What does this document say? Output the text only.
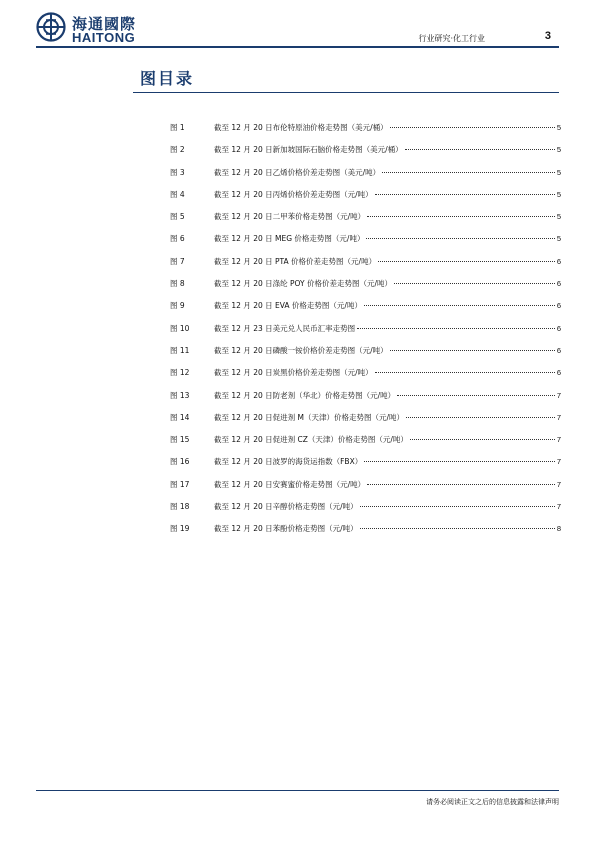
海通國際
HAITONG	行业研究·化工行业	3
图目录
图 1	截至 12 月 20 日布伦特原油价格走势图（美元/桶）	5
图 2	截至 12 月 20 日新加坡国际石脑价格走势图（美元/桶）	5
图 3	截至 12 月 20 日乙烯价格价差走势图（美元/吨）	5
图 4	截至 12 月 20 日丙烯价格价差走势图（元/吨）	5
图 5	截至 12 月 20 日二甲苯价格走势图（元/吨）	5
图 6	截至 12 月 20 日 MEG 价格走势图（元/吨）	5
图 7	截至 12 月 20 日 PTA 价格价差走势图（元/吨）	6
图 8	截至 12 月 20 日涤纶 POY 价格价差走势图（元/吨）	6
图 9	截至 12 月 20 日 EVA 价格走势图（元/吨）	6
图 10	截至 12 月 23 日美元兑人民币汇率走势图	6
图 11	截至 12 月 20 日磷酸一铵价格价差走势图（元/吨）	6
图 12	截至 12 月 20 日炭黑价格价差走势图（元/吨）	6
图 13	截至 12 月 20 日防老剂（华北）价格走势图（元/吨）	7
图 14	截至 12 月 20 日促进剂 M（天津）价格走势图（元/吨）	7
图 15	截至 12 月 20 日促进剂 CZ（天津）价格走势图（元/吨）	7
图 16	截至 12 月 20 日波罗的海货运指数（FBX）	7
图 17	截至 12 月 20 日安赛蜜价格走势图（元/吨）	7
图 18	截至 12 月 20 日辛醇价格走势图（元/吨）	7
图 19	截至 12 月 20 日苯酚价格走势图（元/吨）	8
请务必阅读正文之后的信息披露和法律声明
